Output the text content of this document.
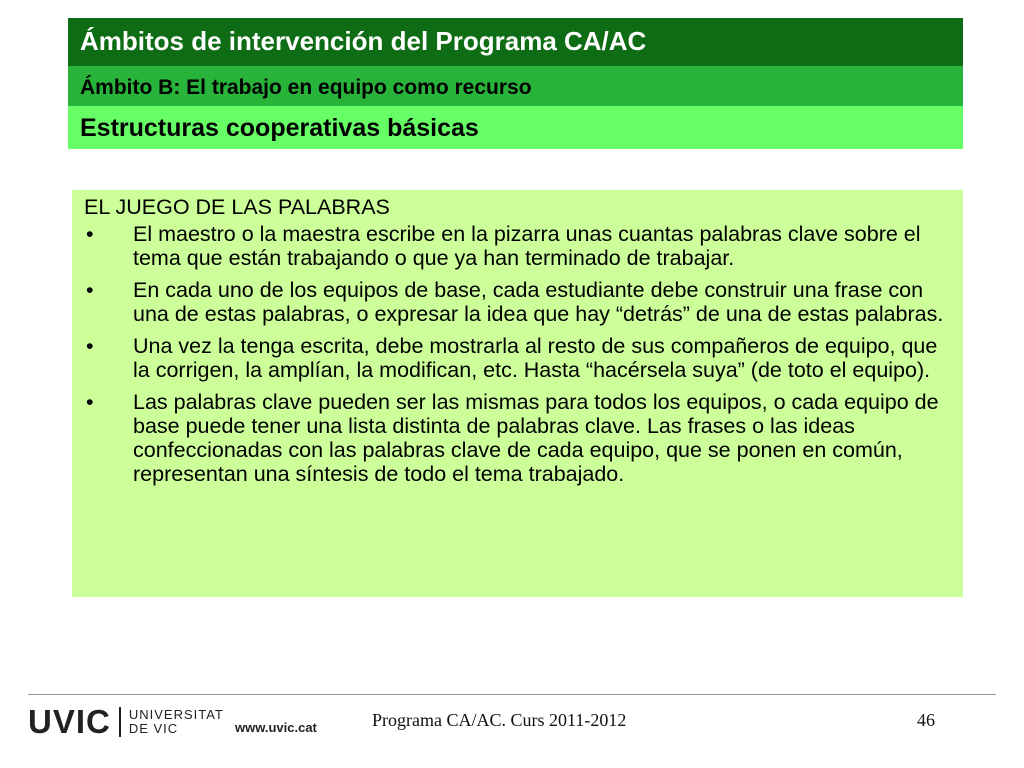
Ámbitos de intervención del Programa CA/AC
Ámbito B: El trabajo en equipo como recurso
Estructuras cooperativas básicas
EL JUEGO DE LAS PALABRAS
• El maestro o la maestra escribe en la pizarra unas cuantas palabras clave sobre el tema que están trabajando o que ya han terminado de trabajar.
• En cada uno de los equipos de base, cada estudiante debe construir una frase con una de estas palabras, o expresar la idea que hay “detrás” de una de estas palabras.
• Una vez la tenga escrita, debe mostrarla al resto de sus compañeros de equipo, que la corrigen, la amplían, la modifican, etc. Hasta “hacérsela suya” (de toto el equipo).
• Las palabras clave pueden ser las mismas para todos los equipos, o cada equipo de base puede tener una lista distinta de palabras clave. Las frases o las ideas confeccionadas con las palabras clave de cada equipo, que se ponen en común, representan una síntesis de todo el tema trabajado.
UVIC UNIVERSITAT
DE VIC	www.uvic.cat	Programa CA/AC. Curs 2011-2012	46
